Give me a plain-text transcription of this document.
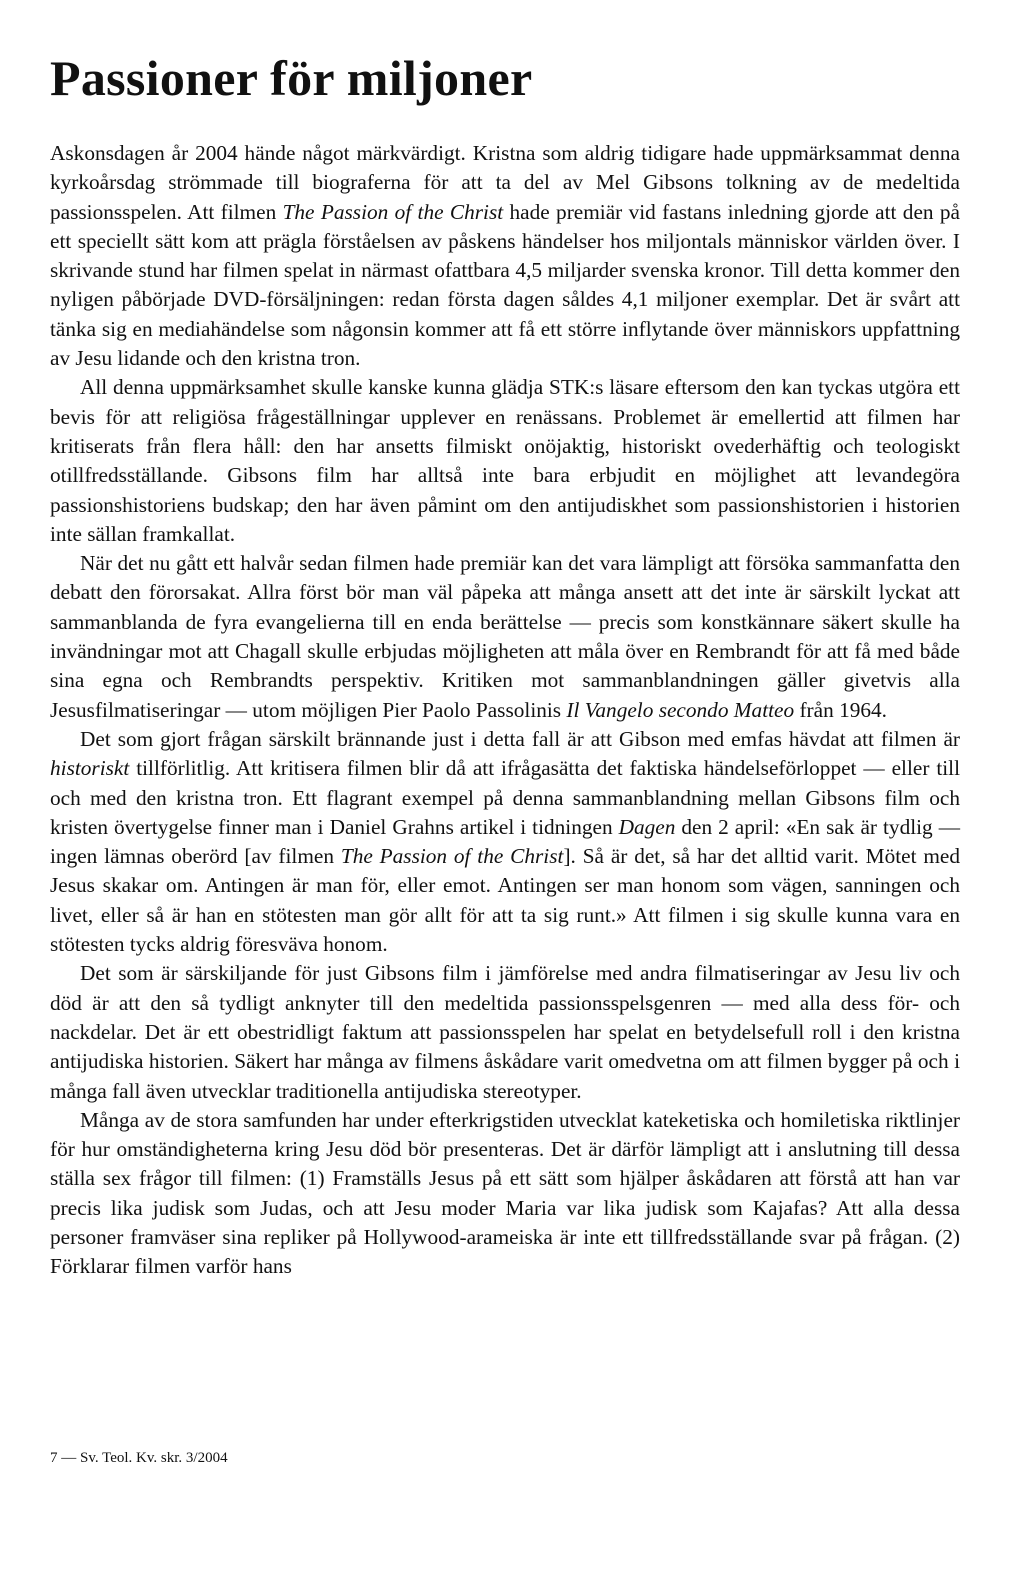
Passioner för miljoner

Askonsdagen år 2004 hände något märkvärdigt. Kristna som aldrig tidigare hade uppmärksammat denna kyrkoårsdag strömmade till biograferna för att ta del av Mel Gibsons tolkning av de medeltida passionsspelen. Att filmen The Passion of the Christ hade premiär vid fastans inledning gjorde att den på ett speciellt sätt kom att prägla förståelsen av påskens händelser hos miljontals människor världen över. I skrivande stund har filmen spelat in närmast ofattbara 4,5 miljarder svenska kronor. Till detta kommer den nyligen påbörjade DVD-försäljningen: redan första dagen såldes 4,1 miljoner exemplar. Det är svårt att tänka sig en mediahändelse som någonsin kommer att få ett större inflytande över människors uppfattning av Jesu lidande och den kristna tron.

All denna uppmärksamhet skulle kanske kunna glädja STK:s läsare eftersom den kan tyckas utgöra ett bevis för att religiösa frågeställningar upplever en renässans. Problemet är emellertid att filmen har kritiserats från flera håll: den har ansetts filmiskt onöjaktig, historiskt ovederhäftig och teologiskt otillfredsställande. Gibsons film har alltså inte bara erbjudit en möjlighet att levandegöra passionshistoriens budskap; den har även påmint om den antijudiskhet som passionshistorien i historien inte sällan framkallat.

När det nu gått ett halvår sedan filmen hade premiär kan det vara lämpligt att försöka sammanfatta den debatt den förorsakat. Allra först bör man väl påpeka att många ansett att det inte är särskilt lyckat att sammanblanda de fyra evangelierna till en enda berättelse — precis som konstkännare säkert skulle ha invändningar mot att Chagall skulle erbjudas möjligheten att måla över en Rembrandt för att få med både sina egna och Rembrandts perspektiv. Kritiken mot sammanblandningen gäller givetvis alla Jesusfilmatiseringar — utom möjligen Pier Paolo Passolinis Il Vangelo secondo Matteo från 1964.

Det som gjort frågan särskilt brännande just i detta fall är att Gibson med emfas hävdat att filmen är historiskt tillförlitlig. Att kritisera filmen blir då att ifrågasätta det faktiska händelseförloppet — eller till och med den kristna tron. Ett flagrant exempel på denna sammanblandning mellan Gibsons film och kristen övertygelse finner man i Daniel Grahns artikel i tidningen Dagen den 2 april: «En sak är tydlig — ingen lämnas oberörd [av filmen The Passion of the Christ]. Så är det, så har det alltid varit. Mötet med Jesus skakar om. Antingen är man för, eller emot. Antingen ser man honom som vägen, sanningen och livet, eller så är han en stötesten man gör allt för att ta sig runt.» Att filmen i sig skulle kunna vara en stötesten tycks aldrig föresväva honom.

Det som är särskiljande för just Gibsons film i jämförelse med andra filmatiseringar av Jesu liv och död är att den så tydligt anknyter till den medeltida passionsspelsgenren — med alla dess för- och nackdelar. Det är ett obestridligt faktum att passionsspelen har spelat en betydelsefull roll i den kristna antijudiska historien. Säkert har många av filmens åskådare varit omedvetna om att filmen bygger på och i många fall även utvecklar traditionella antijudiska stereotyper.

Många av de stora samfunden har under efterkrigstiden utvecklat kateketiska och homiletiska riktlinjer för hur omständigheterna kring Jesu död bör presenteras. Det är därför lämpligt att i anslutning till dessa ställa sex frågor till filmen: (1) Framställs Jesus på ett sätt som hjälper åskådaren att förstå att han var precis lika judisk som Judas, och att Jesu moder Maria var lika judisk som Kajafas? Att alla dessa personer framväser sina repliker på Hollywood-arameiska är inte ett tillfredsställande svar på frågan. (2) Förklarar filmen varför hans

7 — Sv. Teol. Kv. skr. 3/2004
